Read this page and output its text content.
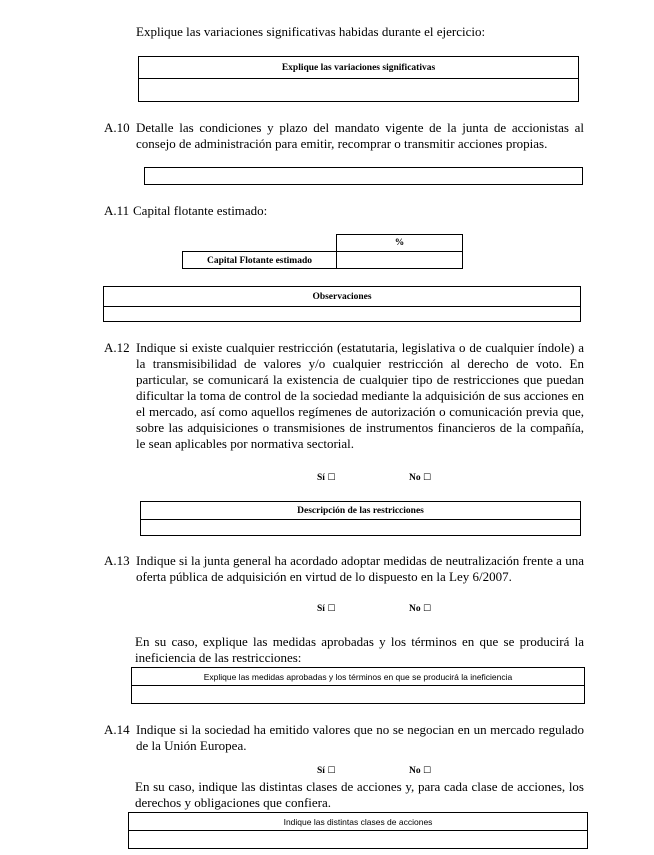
Explique las variaciones significativas habidas durante el ejercicio:

Explique las variaciones significativas
A.10 Detalle las condiciones y plazo del mandato vigente de la junta de accionistas al consejo de administración para emitir, recomprar o transmitir acciones propias.

A.11 Capital flotante estimado:
%
Capital Flotante estimado
Observaciones
A.12 Indique si existe cualquier restricción (estatutaria, legislativa o de cualquier índole) a la transmisibilidad de valores y/o cualquier restricción al derecho de voto. En particular, se comunicará la existencia de cualquier tipo de restricciones que puedan dificultar la toma de control de la sociedad mediante la adquisición de sus acciones en el mercado, así como aquellos regímenes de autorización o comunicación previa que, sobre las adquisiciones o transmisiones de instrumentos financieros de la compañía, le sean aplicables por normativa sectorial.

Sí ☐	No ☐
Descripción de las restricciones
A.13 Indique si la junta general ha acordado adoptar medidas de neutralización frente a una oferta pública de adquisición en virtud de lo dispuesto en la Ley 6/2007.

Sí ☐	No ☐

En su caso, explique las medidas aprobadas y los términos en que se producirá la ineficiencia de las restricciones:

Explique las medidas aprobadas y los términos en que se producirá la ineficiencia
A.14 Indique si la sociedad ha emitido valores que no se negocian en un mercado regulado de la Unión Europea.

Sí ☐	No ☐

En su caso, indique las distintas clases de acciones y, para cada clase de acciones, los derechos y obligaciones que confiera.

Indique las distintas clases de acciones
